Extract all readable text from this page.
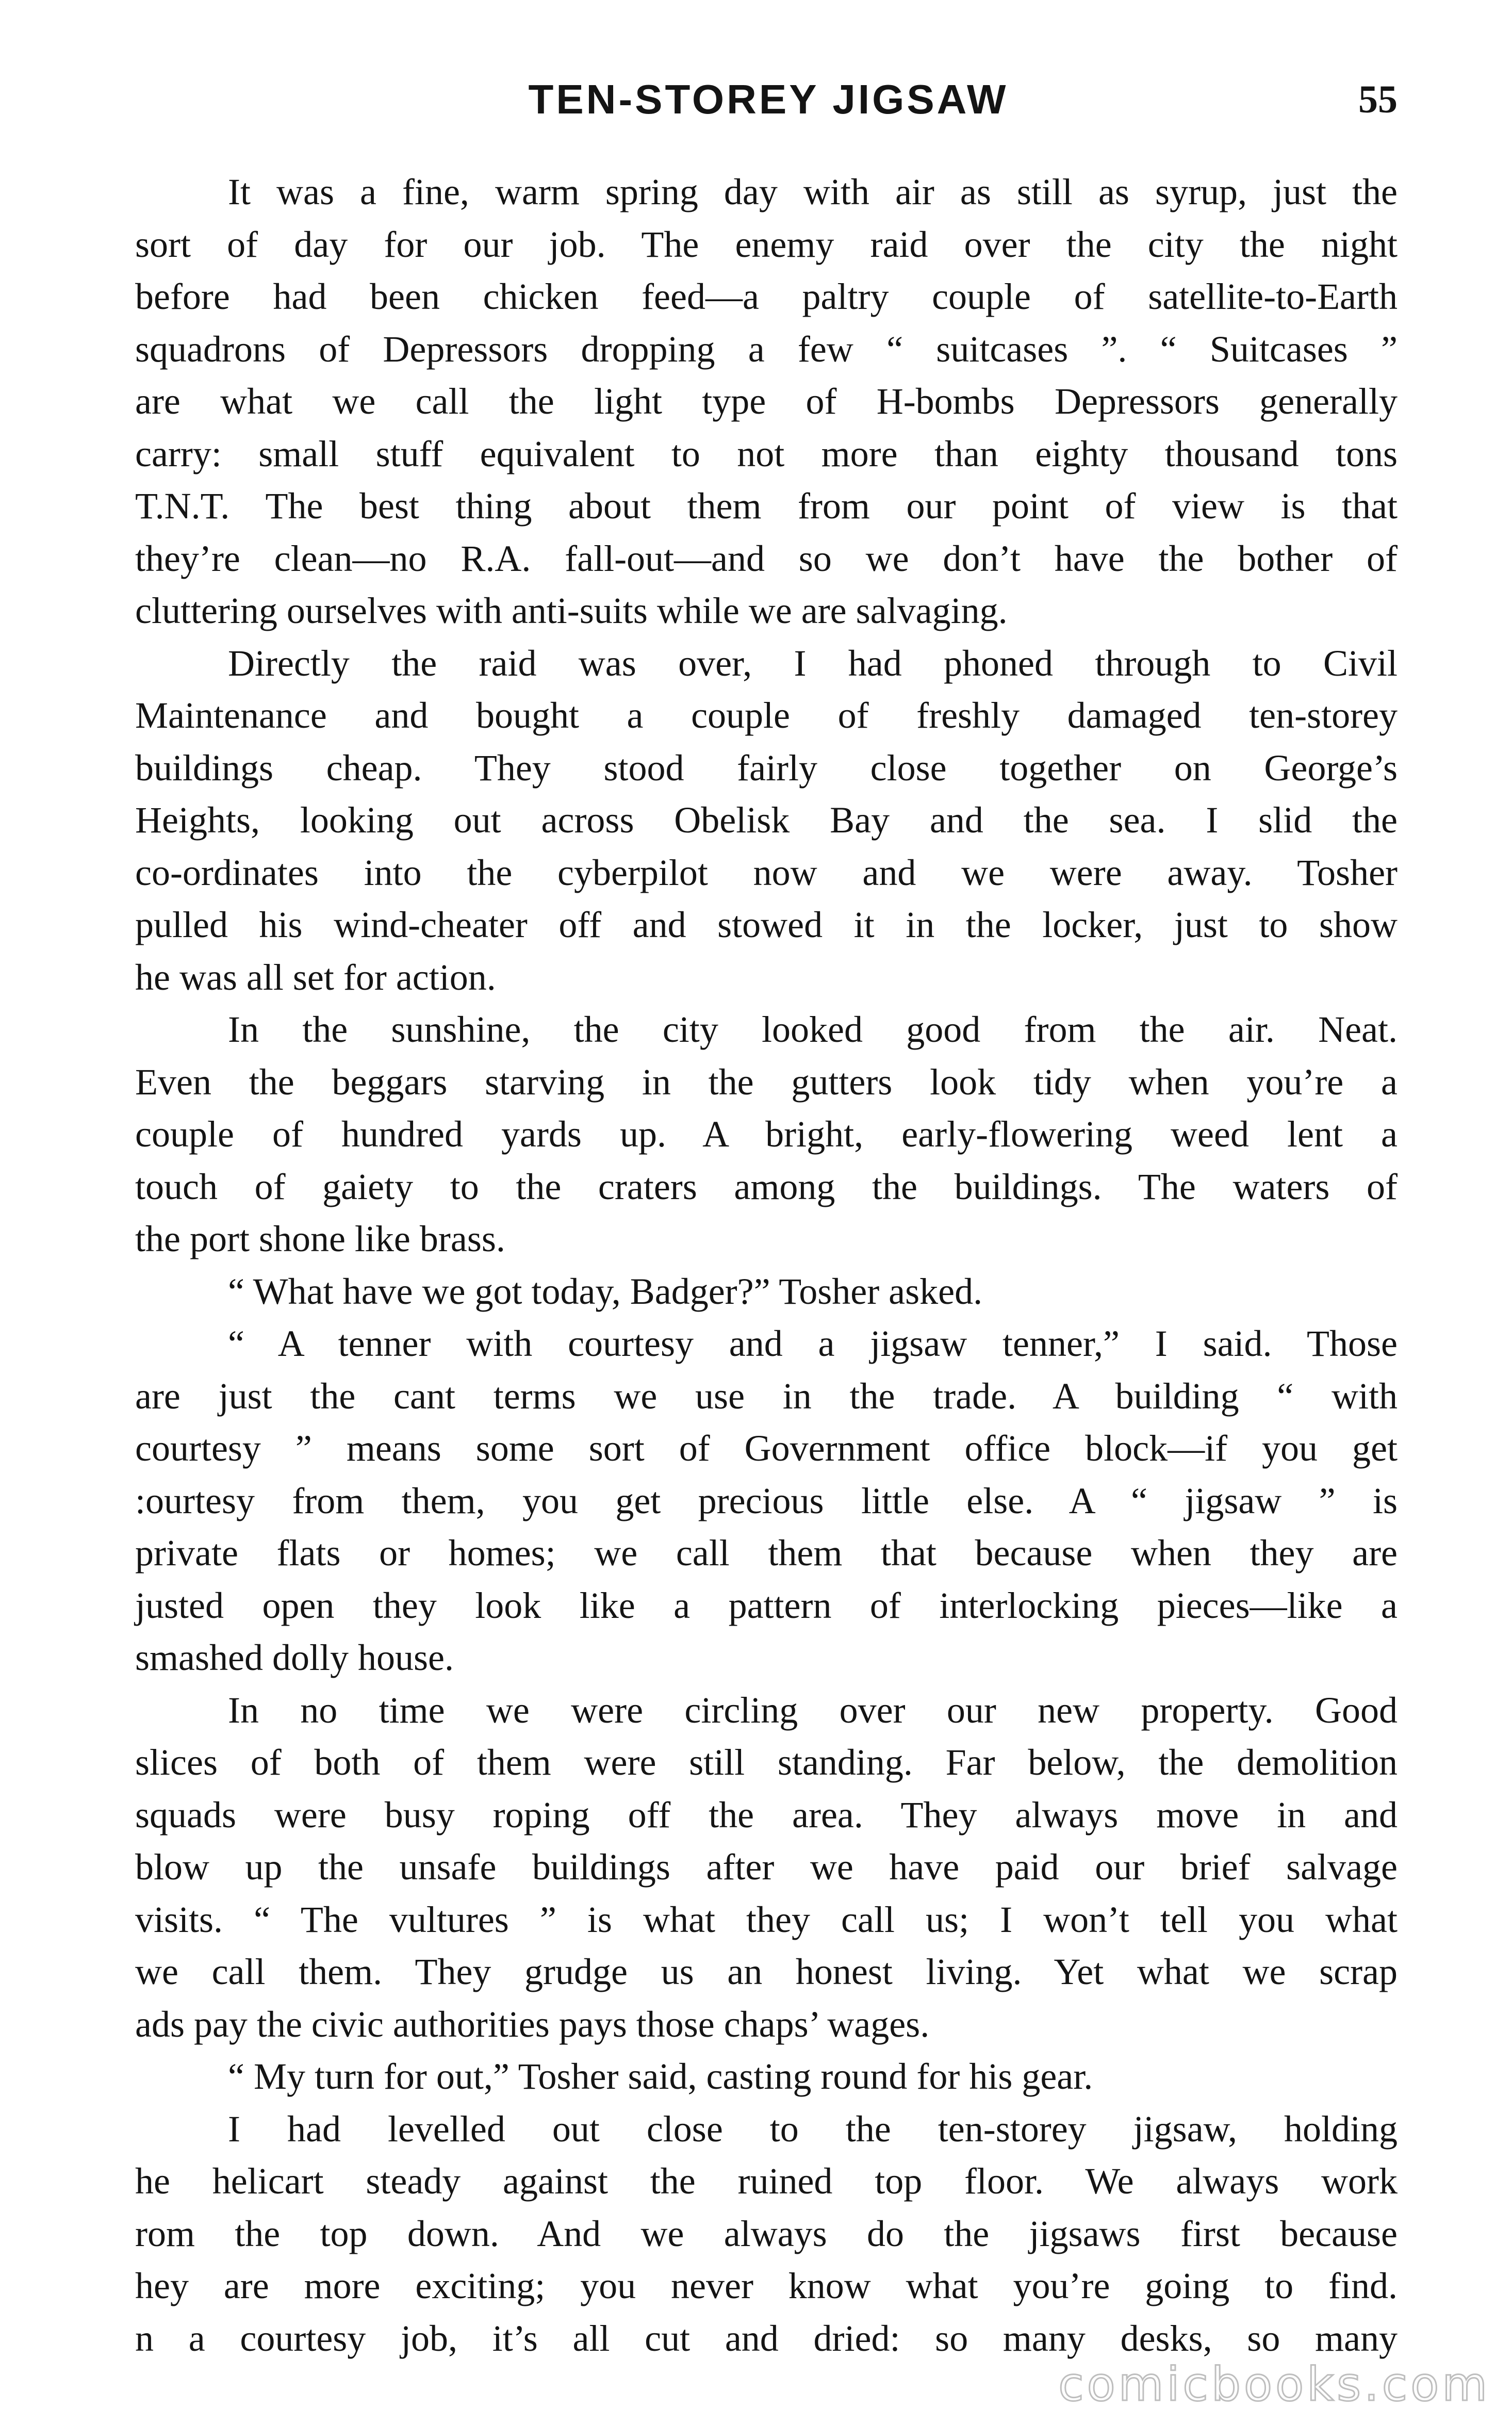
TEN-STOREY JIGSAW	55
It was a fine, warm spring day with air as still as syrup, just the
sort of day for our job. The enemy raid over the city the night
before had been chicken feed—a paltry couple of satellite-to-Earth
squadrons of Depressors dropping a few “ suitcases ”. “ Suitcases ”
are what we call the light type of H-bombs Depressors generally
carry: small stuff equivalent to not more than eighty thousand tons
T.N.T. The best thing about them from our point of view is that
they’re clean—no R.A. fall-out—and so we don’t have the bother of
cluttering ourselves with anti-suits while we are salvaging.
Directly the raid was over, I had phoned through to Civil
Maintenance and bought a couple of freshly damaged ten-storey
buildings cheap. They stood fairly close together on George’s
Heights, looking out across Obelisk Bay and the sea. I slid the
co-ordinates into the cyberpilot now and we were away. Tosher
pulled his wind-cheater off and stowed it in the locker, just to show
he was all set for action.
In the sunshine, the city looked good from the air. Neat.
Even the beggars starving in the gutters look tidy when you’re a
couple of hundred yards up. A bright, early-flowering weed lent a
touch of gaiety to the craters among the buildings. The waters of
the port shone like brass.
“ What have we got today, Badger?” Tosher asked.
“ A tenner with courtesy and a jigsaw tenner,” I said. Those
are just the cant terms we use in the trade. A building “ with
courtesy ” means some sort of Government office block—if you get
:ourtesy from them, you get precious little else. A “ jigsaw ” is
private flats or homes; we call them that because when they are
justed open they look like a pattern of interlocking pieces—like a
smashed dolly house.
In no time we were circling over our new property. Good
slices of both of them were still standing. Far below, the demolition
squads were busy roping off the area. They always move in and
blow up the unsafe buildings after we have paid our brief salvage
visits. “ The vultures ” is what they call us; I won’t tell you what
we call them. They grudge us an honest living. Yet what we scrap
ads pay the civic authorities pays those chaps’ wages.
“ My turn for out,” Tosher said, casting round for his gear.
I had levelled out close to the ten-storey jigsaw, holding
he helicart steady against the ruined top floor. We always work
rom the top down. And we always do the jigsaws first because
hey are more exciting; you never know what you’re going to find.
n a courtesy job, it’s all cut and dried: so many desks, so many
comicbooks.com
